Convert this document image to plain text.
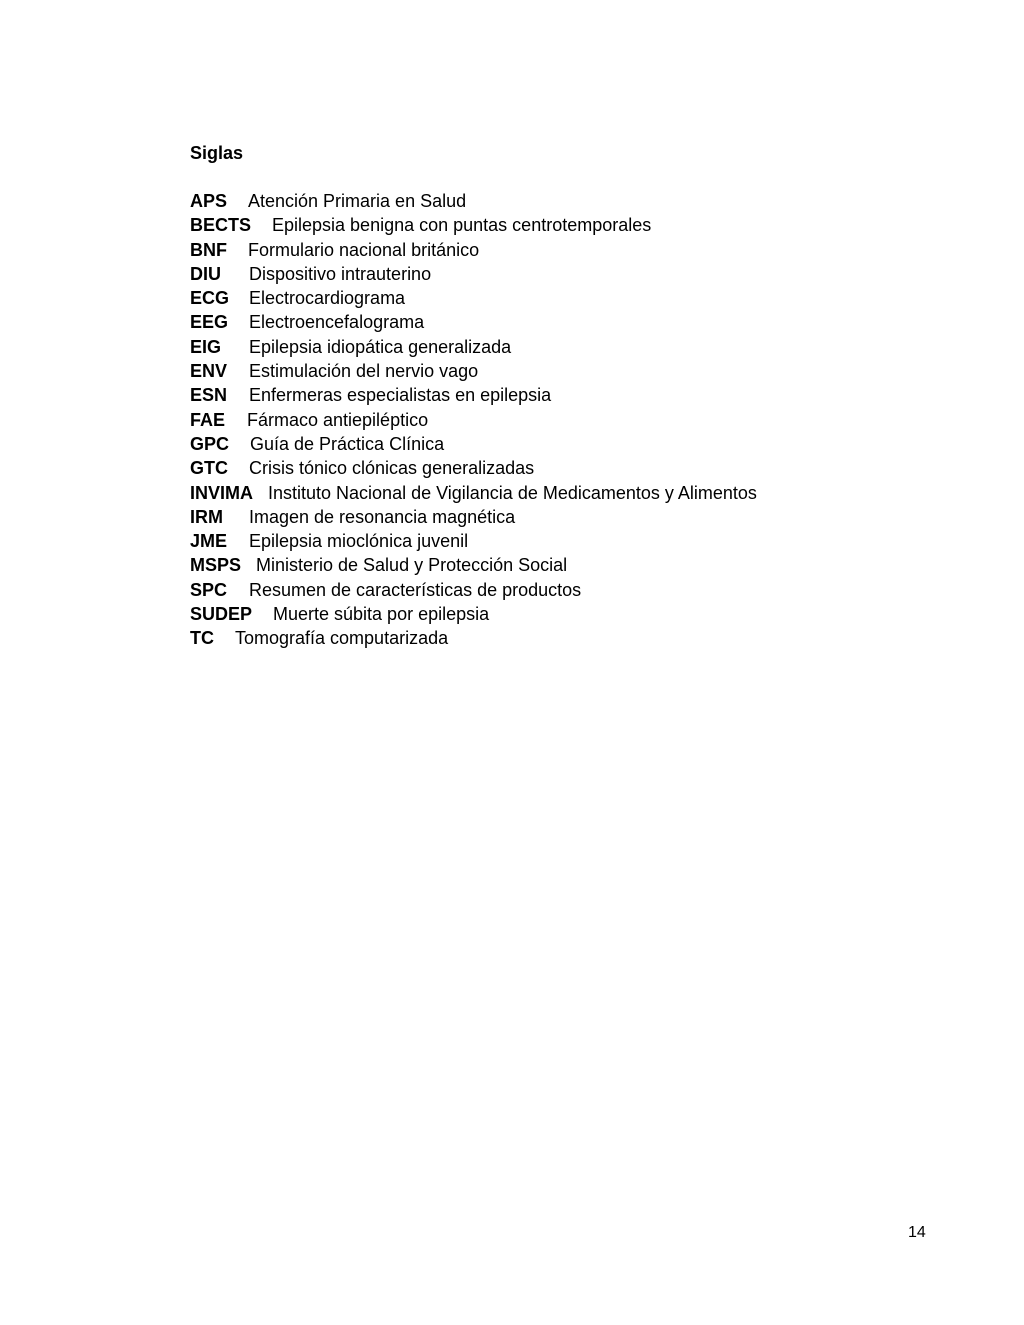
Siglas
APS	Atención Primaria en Salud
BECTS	Epilepsia benigna con puntas centrotemporales
BNF	Formulario nacional británico
DIU	Dispositivo intrauterino
ECG	Electrocardiograma
EEG	Electroencefalograma
EIG	Epilepsia idiopática generalizada
ENV	Estimulación del nervio vago
ESN	Enfermeras especialistas en epilepsia
FAE	Fármaco antiepiléptico
GPC	Guía de Práctica Clínica
GTC	Crisis tónico clónicas generalizadas
INVIMA Instituto Nacional de Vigilancia de Medicamentos y Alimentos
IRM	Imagen de resonancia magnética
JME	Epilepsia mioclónica juvenil
MSPS Ministerio de Salud y Protección Social
SPC	Resumen de características de productos
SUDEP	Muerte súbita por epilepsia
TC	Tomografía computarizada
14
